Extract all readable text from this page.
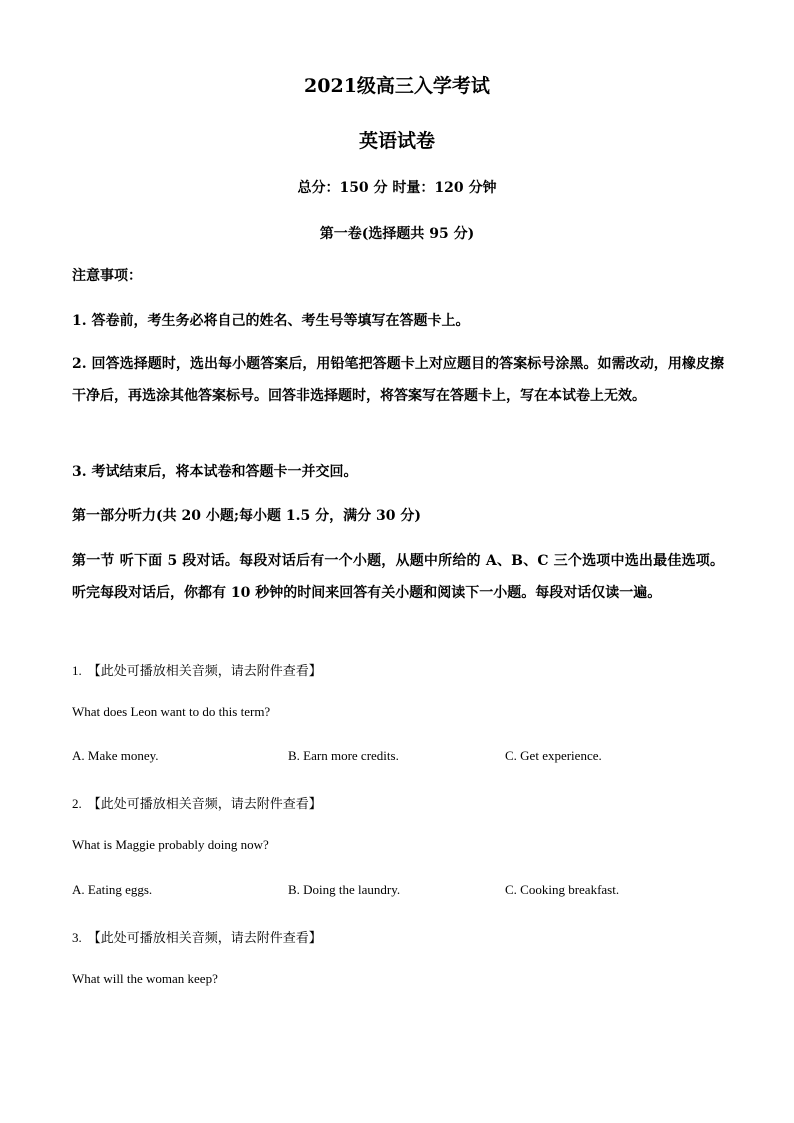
2021级高三入学考试
英语试卷
总分：150 分 时量：120 分钟
第一卷(选择题共 95 分)
注意事项：
1. 答卷前，考生务必将自己的姓名、考生号等填写在答题卡上。
2. 回答选择题时，选出每小题答案后，用铅笔把答题卡上对应题目的答案标号涂黑。如需改动，用橡皮擦干净后，再选涂其他答案标号。回答非选择题时，将答案写在答题卡上，写在本试卷上无效。
3. 考试结束后，将本试卷和答题卡一并交回。
第一部分听力(共 20 小题;每小题 1.5 分，满分 30 分)
第一节 听下面 5 段对话。每段对话后有一个小题，从题中所给的 A、B、C 三个选项中选出最佳选项。听完每段对话后，你都有 10 秒钟的时间来回答有关小题和阅读下一小题。每段对话仅读一遍。
1. 【此处可播放相关音频，请去附件查看】
What does Leon want to do this term?
A. Make money.	B. Earn more credits.	C. Get experience.
2. 【此处可播放相关音频，请去附件查看】
What is Maggie probably doing now?
A. Eating eggs.	B. Doing the laundry.	C. Cooking breakfast.
3. 【此处可播放相关音频，请去附件查看】
What will the woman keep?
